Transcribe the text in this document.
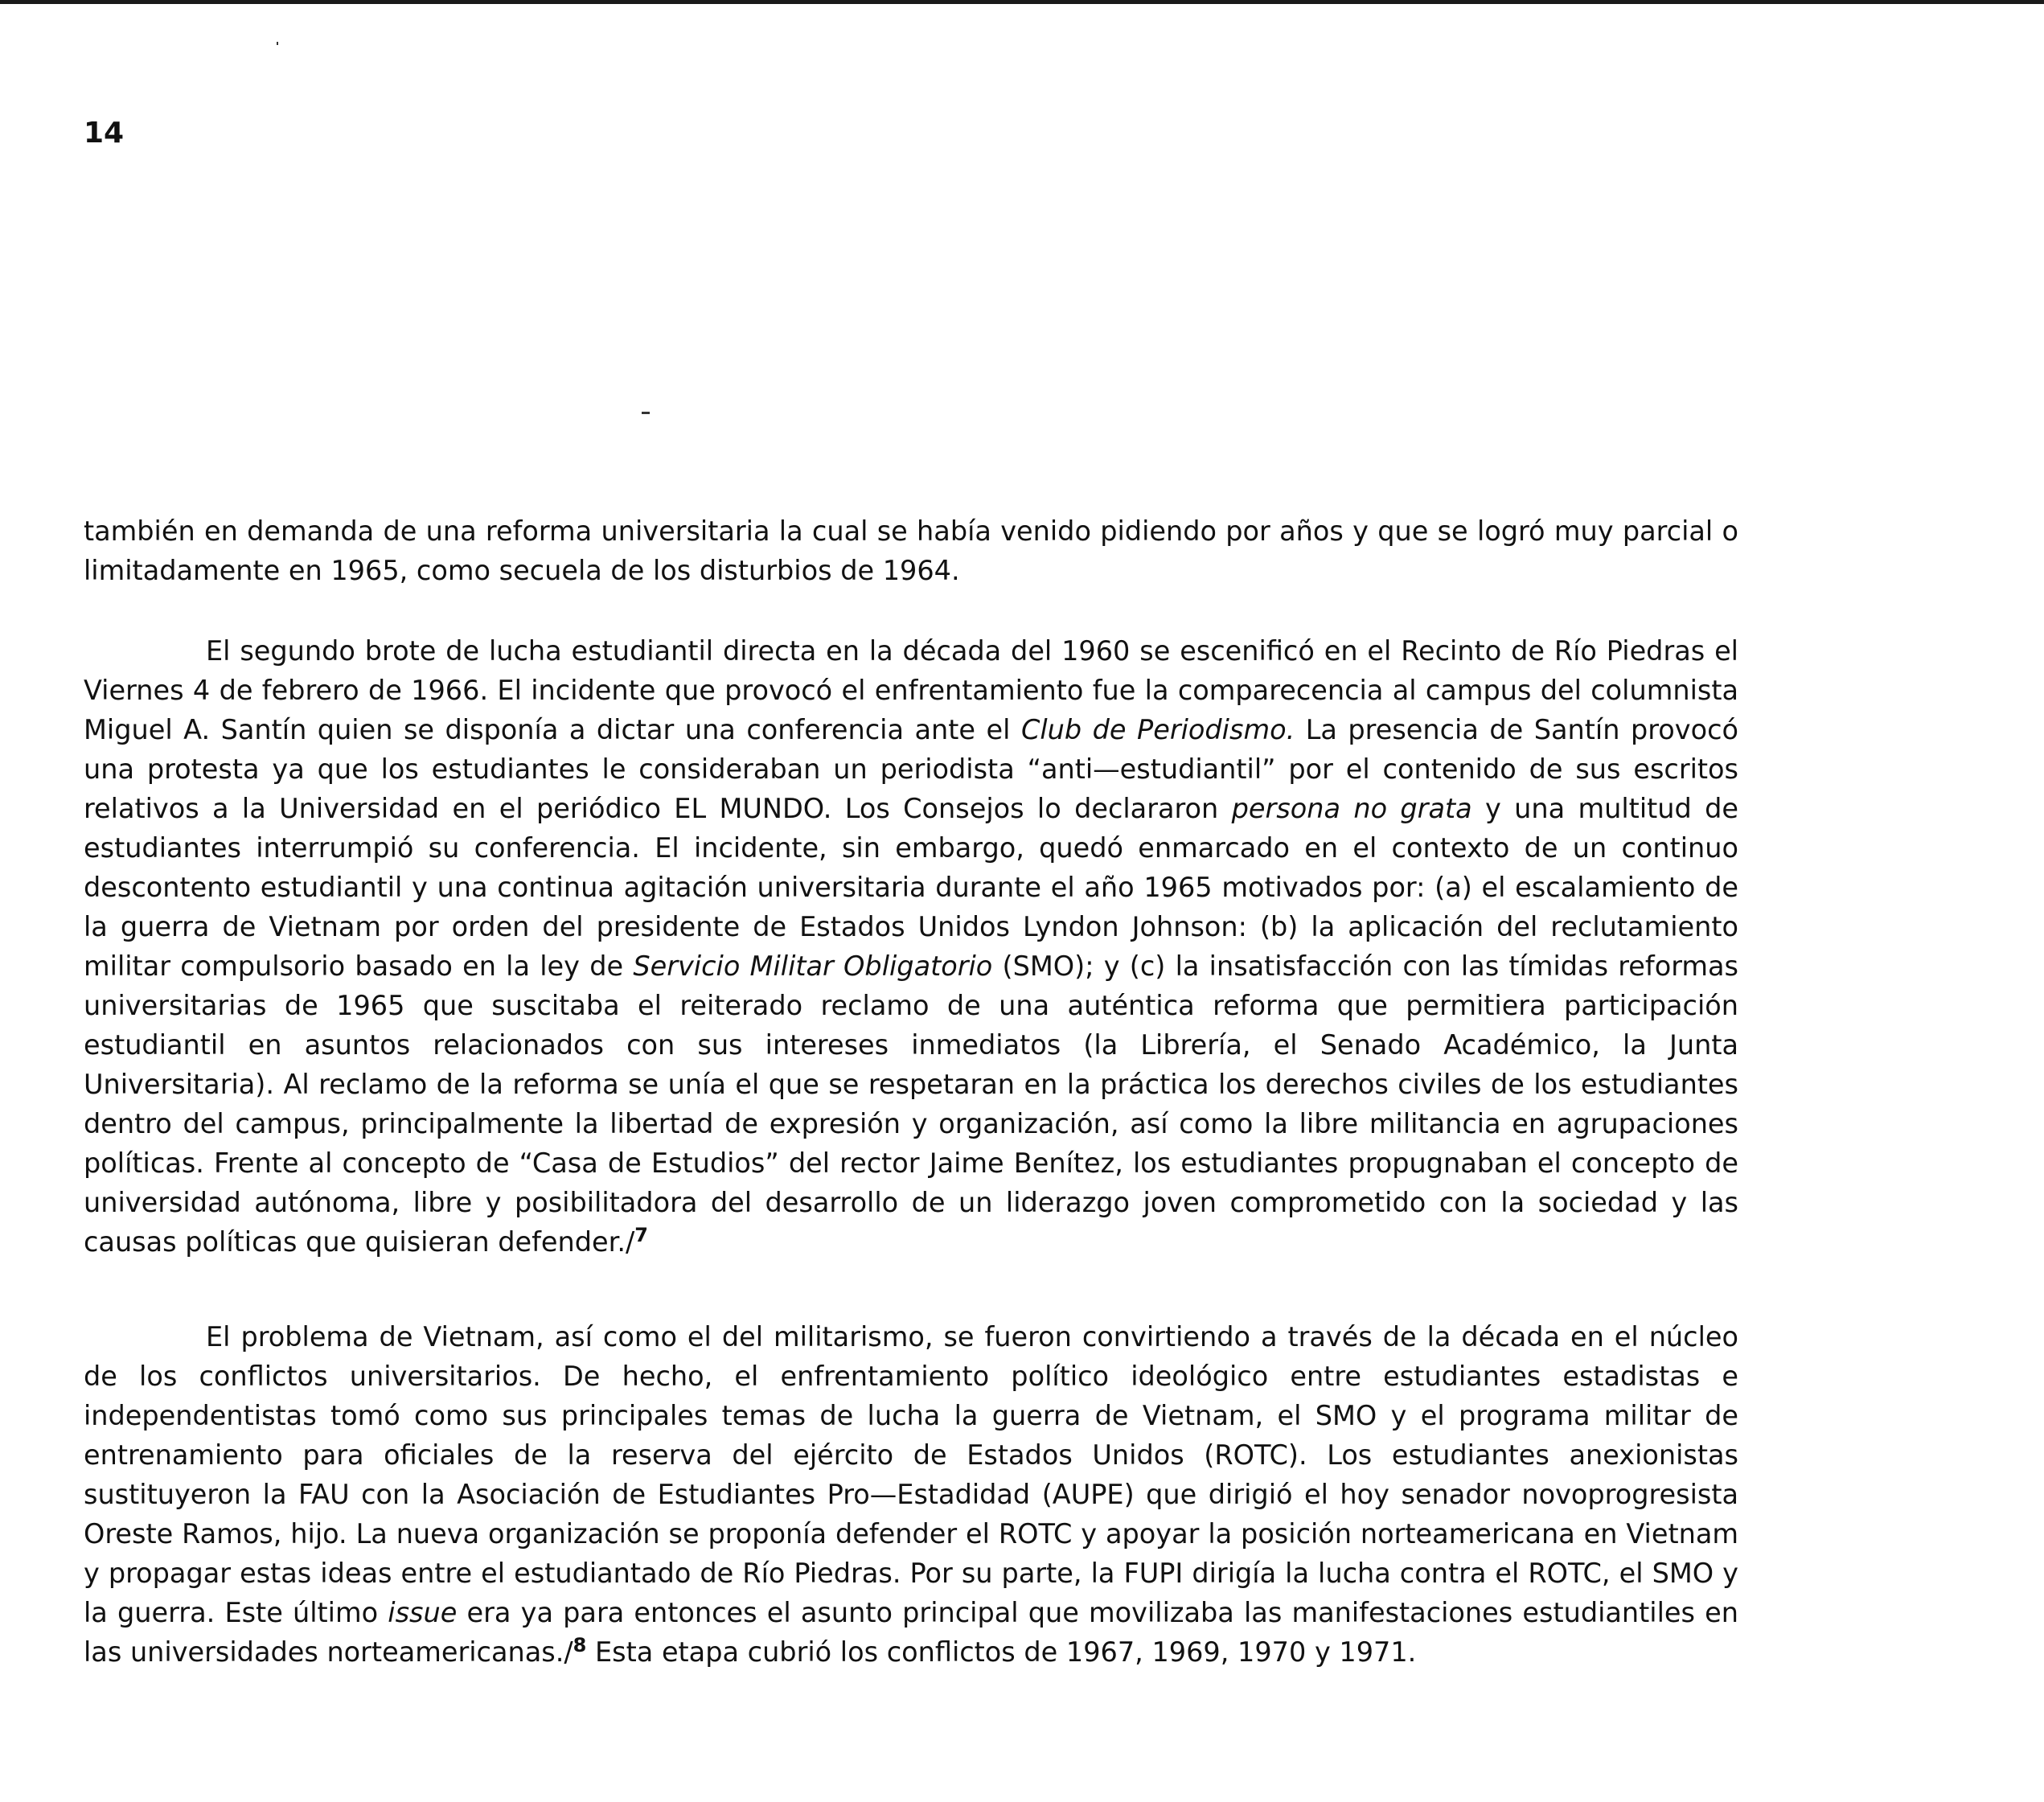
14

también en demanda de una reforma universitaria la cual se había venido pidiendo por años y que se logró muy parcial o limitadamente en 1965, como secuela de los disturbios de 1964.

El segundo brote de lucha estudiantil directa en la década del 1960 se escenificó en el Recinto de Río Piedras el Viernes 4 de febrero de 1966. El incidente que provocó el enfrentamiento fue la comparecencia al campus del columnista Miguel A. Santín quien se disponía a dictar una conferencia ante el Club de Periodismo. La presencia de Santín provocó una protesta ya que los estudiantes le consideraban un periodista “anti—estudiantil” por el contenido de sus escritos relativos a la Universidad en el periódico EL MUNDO. Los Consejos lo declararon persona no grata y una multitud de estudiantes interrumpió su conferencia. El incidente, sin embargo, quedó enmarcado en el contexto de un continuo descontento estudiantil y una continua agitación universitaria durante el año 1965 motivados por: (a) el escalamiento de la guerra de Vietnam por orden del presidente de Estados Unidos Lyndon Johnson: (b) la aplicación del reclutamiento militar compulsorio basado en la ley de Servicio Militar Obligatorio (SMO); y (c) la insatisfacción con las tímidas reformas universitarias de 1965 que suscitaba el reiterado reclamo de una auténtica reforma que permitiera participación estudiantil en asuntos relacionados con sus intereses inmediatos (la Librería, el Senado Académico, la Junta Universitaria). Al reclamo de la reforma se unía el que se respetaran en la práctica los derechos civiles de los estudiantes dentro del campus, principalmente la libertad de expresión y organización, así como la libre militancia en agrupaciones políticas. Frente al concepto de “Casa de Estudios” del rector Jaime Benítez, los estudiantes propugnaban el concepto de universidad autónoma, libre y posibilitadora del desarrollo de un liderazgo joven comprometido con la sociedad y las causas políticas que quisieran defender./$^7$

El problema de Vietnam, así como el del militarismo, se fueron convirtiendo a través de la década en el núcleo de los conflictos universitarios. De hecho, el enfrentamiento político ideológico entre estudiantes estadistas e independentistas tomó como sus principales temas de lucha la guerra de Vietnam, el SMO y el programa militar de entrenamiento para oficiales de la reserva del ejército de Estados Unidos (ROTC). Los estudiantes anexionistas sustituyeron la FAU con la Asociación de Estudiantes Pro—Estadidad (AUPE) que dirigió el hoy senador novoprogresista Oreste Ramos, hijo. La nueva organización se proponía defender el ROTC y apoyar la posición norteamericana en Vietnam y propagar estas ideas entre el estudiantado de Río Piedras. Por su parte, la FUPI dirigía la lucha contra el ROTC, el SMO y la guerra. Este último issue era ya para entonces el asunto principal que movilizaba las manifestaciones estudiantiles en las universidades norteamericanas./$^8$ Esta etapa cubrió los conflictos de 1967, 1969, 1970 y 1971.
